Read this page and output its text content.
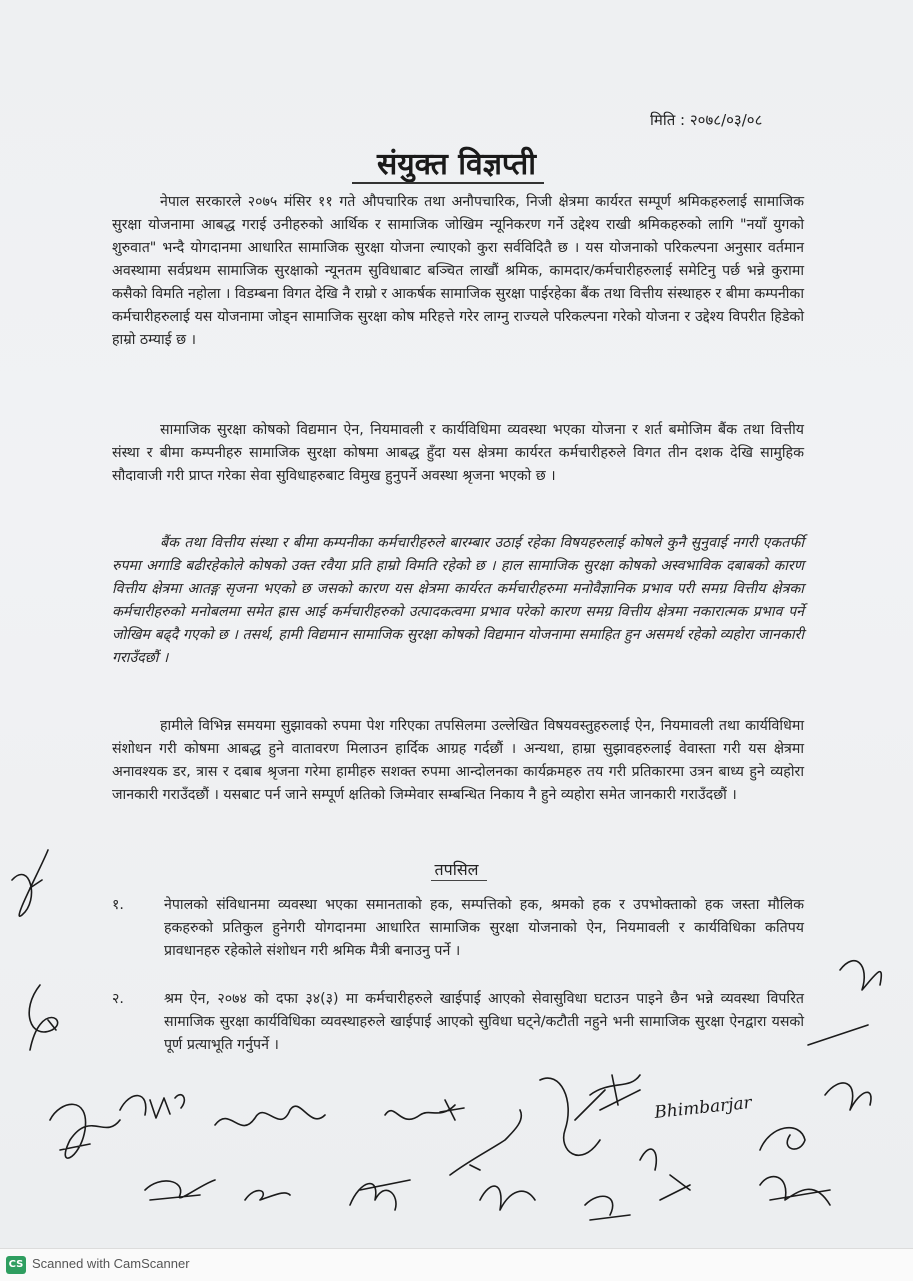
मिति : २०७८/०३/०८
संयुक्त विज्ञप्ती

नेपाल सरकारले २०७५ मंसिर ११ गते औपचारिक तथा अनौपचारिक, निजी क्षेत्रमा कार्यरत सम्पूर्ण श्रमिकहरुलाई सामाजिक सुरक्षा योजनामा आबद्ध गराई उनीहरुको आर्थिक र सामाजिक जोखिम न्यूनिकरण गर्ने उद्देश्य राखी श्रमिकहरुको लागि "नयाँ युगको शुरुवात" भन्दै योगदानमा आधारित सामाजिक सुरक्षा योजना ल्याएको कुरा सर्वविदितै छ । यस योजनाको परिकल्पना अनुसार वर्तमान अवस्थामा सर्वप्रथम सामाजिक सुरक्षाको न्यूनतम सुविधाबाट बञ्चित लाखौं श्रमिक, कामदार/कर्मचारीहरुलाई समेटिनु पर्छ भन्ने कुरामा कसैको विमति नहोला । विडम्बना विगत देखि नै राम्रो र आकर्षक सामाजिक सुरक्षा पाईरहेका बैंक तथा वित्तीय संस्थाहरु र बीमा कम्पनीका कर्मचारीहरुलाई यस योजनामा जोड्न सामाजिक सुरक्षा कोष मरिहत्ते गरेर लाग्नु राज्यले परिकल्पना गरेको योजना र उद्देश्य विपरीत हिडेको हाम्रो ठम्याई छ ।

सामाजिक सुरक्षा कोषको विद्यमान ऐन, नियमावली र कार्यविधिमा व्यवस्था भएका योजना र शर्त बमोजिम बैंक तथा वित्तीय संस्था र बीमा कम्पनीहरु सामाजिक सुरक्षा कोषमा आबद्ध हुँदा यस क्षेत्रमा कार्यरत कर्मचारीहरुले विगत तीन दशक देखि सामुहिक सौदावाजी गरी प्राप्त गरेका सेवा सुविधाहरुबाट विमुख हुनुपर्ने अवस्था श्रृजना भएको छ ।

बैंक तथा वित्तीय संस्था र बीमा कम्पनीका कर्मचारीहरुले बारम्बार उठाई रहेका विषयहरुलाई कोषले कुनै सुनुवाई नगरी एकतर्फी रुपमा अगाडि बढीरहेकोले कोषको उक्त रवैया प्रति हाम्रो विमति रहेको छ । हाल सामाजिक सुरक्षा कोषको अस्वभाविक दबाबको कारण वित्तीय क्षेत्रमा आतङ्ग सृजना भएको छ जसको कारण यस क्षेत्रमा कार्यरत कर्मचारीहरुमा मनोवैज्ञानिक प्रभाव परी समग्र वित्तीय क्षेत्रका कर्मचारीहरुको मनोबलमा समेत ह्रास आई कर्मचारीहरुको उत्पादकत्वमा प्रभाव परेको कारण समग्र वित्तीय क्षेत्रमा नकारात्मक प्रभाव पर्ने जोखिम बढ्दै गएको छ । तसर्थ, हामी विद्यमान सामाजिक सुरक्षा कोषको विद्यमान योजनामा समाहित हुन असमर्थ रहेको व्यहोरा जानकारी गराउँदछौं ।

हामीले विभिन्न समयमा सुझावको रुपमा पेश गरिएका तपसिलमा उल्लेखित विषयवस्तुहरुलाई ऐन, नियमावली तथा कार्यविधिमा संशोधन गरी कोषमा आबद्ध हुने वातावरण मिलाउन हार्दिक आग्रह गर्दछौं । अन्यथा, हाम्रा सुझावहरुलाई वेवास्ता गरी यस क्षेत्रमा अनावश्यक डर, त्रास र दबाब श्रृजना गरेमा हामीहरु सशक्त रुपमा आन्दोलनका कार्यक्रमहरु तय गरी प्रतिकारमा उत्रन बाध्य हुने व्यहोरा जानकारी गराउँदछौं । यसबाट पर्न जाने सम्पूर्ण क्षतिको जिम्मेवार सम्बन्धित निकाय नै हुने व्यहोरा समेत जानकारी गराउँदछौं ।

तपसिल
१.	नेपालको संविधानमा व्यवस्था भएका समानताको हक, सम्पत्तिको हक, श्रमको हक र उपभोक्ताको हक जस्ता मौलिक हकहरुको प्रतिकुल हुनेगरी योगदानमा आधारित सामाजिक सुरक्षा योजनाको ऐन, नियमावली र कार्यविधिका कतिपय प्रावधानहरु रहेकोले संशोधन गरी श्रमिक मैत्री बनाउनु पर्ने ।

२.	श्रम ऐन, २०७४ को दफा ३४(३) मा कर्मचारीहरुले खाईपाई आएको सेवासुविधा घटाउन पाइने छैन भन्ने व्यवस्था विपरित सामाजिक सुरक्षा कार्यविधिका व्यवस्थाहरुले खाईपाई आएको सुविधा घट्ने/कटौती नहुने भनी सामाजिक सुरक्षा ऐनद्वारा यसको पूर्ण प्रत्याभूति गर्नुपर्ने ।

Bhimbarjar
CS Scanned with CamScanner
